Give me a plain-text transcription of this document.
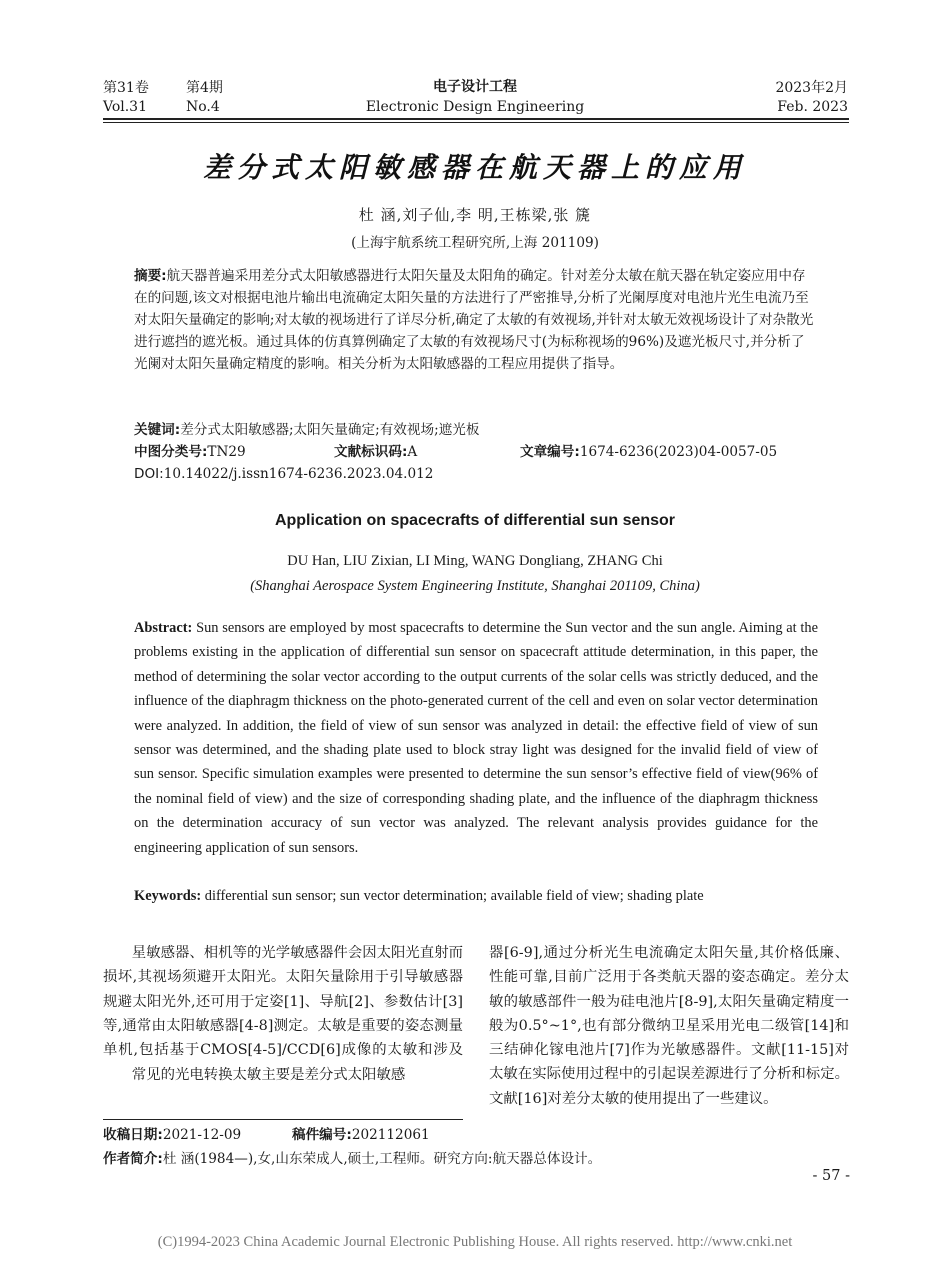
第31卷	第4期	电子设计工程	2023年2月
Vol.31	No.4	Electronic Design Engineering	Feb. 2023
差分式太阳敏感器在航天器上的应用
杜 涵,刘子仙,李 明,王栋梁,张 篪
(上海宇航系统工程研究所,上海 201109)
摘要:航天器普遍采用差分式太阳敏感器进行太阳矢量及太阳角的确定。针对差分太敏在航天器在轨定姿应用中存在的问题,该文对根据电池片输出电流确定太阳矢量的方法进行了严密推导,分析了光阑厚度对电池片光生电流乃至对太阳矢量确定的影响;对太敏的视场进行了详尽分析,确定了太敏的有效视场,并针对太敏无效视场设计了对杂散光进行遮挡的遮光板。通过具体的仿真算例确定了太敏的有效视场尺寸(为标称视场的96%)及遮光板尺寸,并分析了光阑对太阳矢量确定精度的影响。相关分析为太阳敏感器的工程应用提供了指导。
关键词:差分式太阳敏感器;太阳矢量确定;有效视场;遮光板
中图分类号:TN29	文献标识码:A	文章编号:1674-6236(2023)04-0057-05
DOI:10.14022/j.issn1674-6236.2023.04.012
Application on spacecrafts of differential sun sensor
DU Han, LIU Zixian, LI Ming, WANG Dongliang, ZHANG Chi
(Shanghai Aerospace System Engineering Institute, Shanghai 201109, China)
Abstract: Sun sensors are employed by most spacecrafts to determine the Sun vector and the sun angle. Aiming at the problems existing in the application of differential sun sensor on spacecraft attitude determination, in this paper, the method of determining the solar vector according to the output currents of the solar cells was strictly deduced, and the influence of the diaphragm thickness on the photo-generated current of the cell and even on solar vector determination were analyzed. In addition, the field of view of sun sensor was analyzed in detail: the effective field of view of sun sensor was determined, and the shading plate used to block stray light was designed for the invalid field of view of sun sensor. Specific simulation examples were presented to determine the sun sensor’s effective field of view(96% of the nominal field of view) and the size of corresponding shading plate, and the influence of the diaphragm thickness on the determination accuracy of sun vector was analyzed. The relevant analysis provides guidance for the engineering application of sun sensors.
Keywords: differential sun sensor; sun vector determination; available field of view; shading plate
星敏感器、相机等的光学敏感器件会因太阳光直射而损坏,其视场须避开太阳光。太阳矢量除用于引导敏感器规避太阳光外,还可用于定姿[1]、导航[2]、参数估计[3]等,通常由太阳敏感器[4-8]测定。太敏是重要的姿态测量单机,包括基于CMOS[4-5]/CCD[6]成像的太敏和涉及
常见的光电转换太敏主要是差分式太阳敏感
器[6-9],通过分析光生电流确定太阳矢量,其价格低廉、性能可靠,目前广泛用于各类航天器的姿态确定。差分太敏的敏感部件一般为硅电池片[8-9],太阳矢量确定精度一般为0.5°~1°,也有部分微纳卫星采用光电二级管[14]和三结砷化镓电池片[7]作为光敏感器件。文献[11-15]对太敏在实际使用过程中的引起误差源进行了分析和标定。文献[16]对差分太敏的使用提出了一些建议。
收稿日期:2021-12-09	稿件编号:202112061
作者简介:杜 涵(1984—),女,山东荣成人,硕士,工程师。研究方向:航天器总体设计。
- 57 -
(C)1994-2023 China Academic Journal Electronic Publishing House. All rights reserved. http://www.cnki.net
